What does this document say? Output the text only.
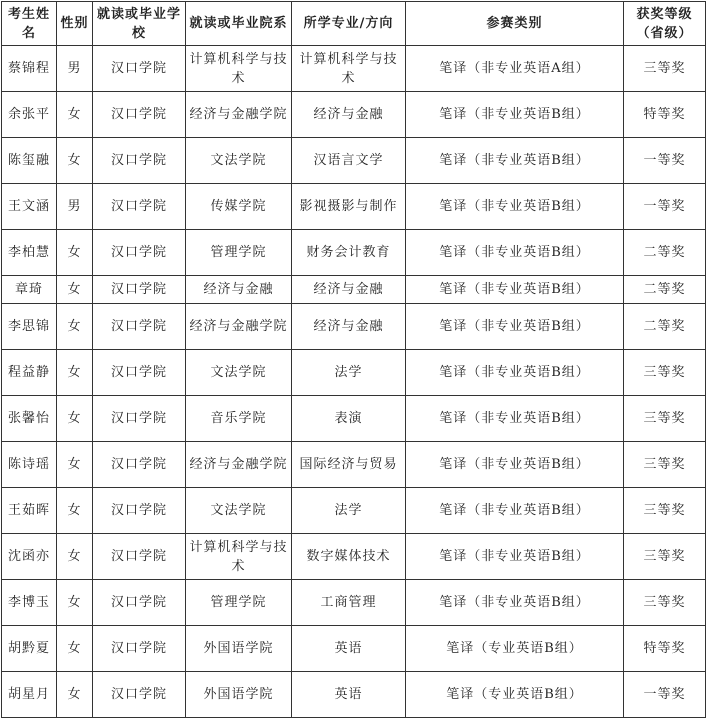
考生姓名	性别	就读或毕业学校	就读或毕业院系	所学专业/方向	参赛类别	获奖等级（省级）
蔡锦程	男	汉口学院	计算机科学与技术	计算机科学与技术	笔译（非专业英语A组）	三等奖
余张平	女	汉口学院	经济与金融学院	经济与金融	笔译（非专业英语B组）	特等奖
陈玺融	女	汉口学院	文法学院	汉语言文学	笔译（非专业英语B组）	一等奖
王文涵	男	汉口学院	传媒学院	影视摄影与制作	笔译（非专业英语B组）	一等奖
李柏慧	女	汉口学院	管理学院	财务会计教育	笔译（非专业英语B组）	二等奖
章琦	女	汉口学院	经济与金融	经济与金融	笔译（非专业英语B组）	二等奖
李思锦	女	汉口学院	经济与金融学院	经济与金融	笔译（非专业英语B组）	二等奖
程益静	女	汉口学院	文法学院	法学	笔译（非专业英语B组）	三等奖
张馨怡	女	汉口学院	音乐学院	表演	笔译（非专业英语B组）	三等奖
陈诗瑶	女	汉口学院	经济与金融学院	国际经济与贸易	笔译（非专业英语B组）	三等奖
王茹晖	女	汉口学院	文法学院	法学	笔译（非专业英语B组）	三等奖
沈函亦	女	汉口学院	计算机科学与技术	数字媒体技术	笔译（非专业英语B组）	三等奖
李博玉	女	汉口学院	管理学院	工商管理	笔译（非专业英语B组）	三等奖
胡黔夏	女	汉口学院	外国语学院	英语	笔译（专业英语B组）	特等奖
胡星月	女	汉口学院	外国语学院	英语	笔译（专业英语B组）	一等奖
